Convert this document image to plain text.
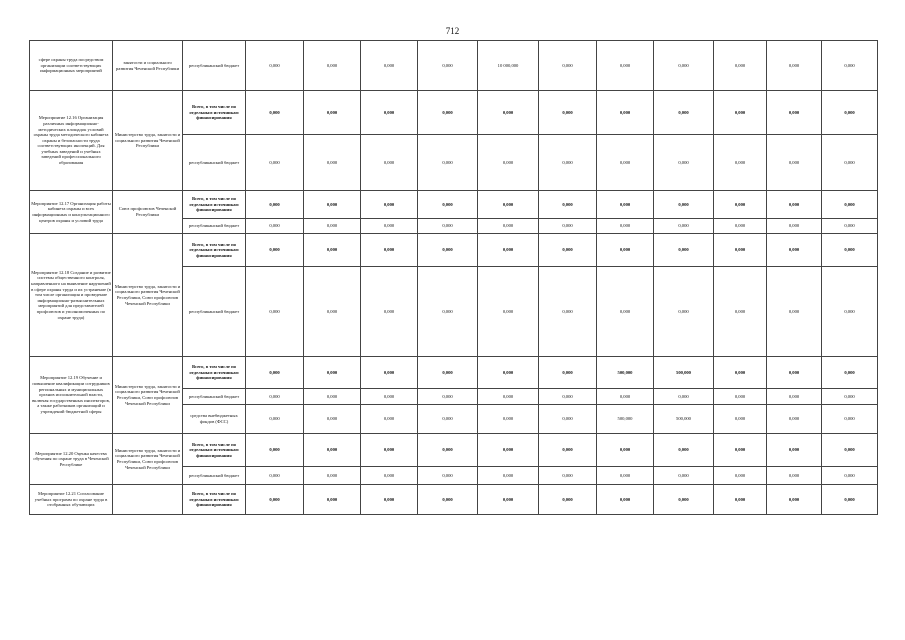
712
сфере охраны труда посредством организации соответствующих информационных мероприятий	занятости и социального развития Чеченской Республики	республиканский бюджет	0,000	0,000	0,000	0,000	10 000,000	0,000	0,000	0,000	0,000	0,000	0,000
Мероприятие 12.16 Организация различных информационно-методических площадок условий охраны труда методического кабинета охраны и безопасности труда соответствующих инспекций. Для учебных заведений и учебных заведений профессионального образования	Министерство труда, занятости и социального развития Чеченской Республики	Всего, в том числе по отдельным источникам финансирования	0,000	0,000	0,000	0,000	0,000	0,000	0,000	0,000	0,000	0,000	0,000
		республиканский бюджет	0,000	0,000	0,000	0,000	0,000	0,000	0,000	0,000	0,000	0,000	0,000
Мероприятие 12.17 Организация работы кабинета охраны и всех информационных и консультационного центров охраны и условий труда	Союз профсоюзов Чеченской Республики	Всего, в том числе по отдельным источникам финансирования	0,000	0,000	0,000	0,000	0,000	0,000	0,000	0,000	0,000	0,000	0,000
		республиканский бюджет	0,000	0,000	0,000	0,000	0,000	0,000	0,000	0,000	0,000	0,000	0,000
Мероприятие 12.18 Создание и развитие системы общественного контроля, направленного на выявление нарушений в сфере охраны труда и их устранение (в том числе организация и проведение информационно-разъяснительных мероприятий для представителей профсоюзов и уполномоченных по охране труда)	Министерство труда, занятости и социального развития Чеченской Республики, Союз профсоюзов Чеченской Республики	Всего, в том числе по отдельным источникам финансирования	0,000	0,000	0,000	0,000	0,000	0,000	0,000	0,000	0,000	0,000	0,000
		республиканский бюджет	0,000	0,000	0,000	0,000	0,000	0,000	0,000	0,000	0,000	0,000	0,000
Мероприятие 12.19 Обучение и повышение квалификации сотрудников региональных и муниципальных органов исполнительной власти, включая государственных инспекторов, а также работников организаций и учреждений бюджетной сферы	Министерство труда, занятости и социального развития Чеченской Республики, Союз профсоюзов Чеченской Республики	Всего, в том числе по отдельным источникам финансирования	0,000	0,000	0,000	0,000	0,000	0,000	500,000	500,000	0,000	0,000	0,000
		республиканский бюджет	0,000	0,000	0,000	0,000	0,000	0,000	0,000	0,000	0,000	0,000	0,000
		средства внебюджетных фондов (ФСС)	0,000	0,000	0,000	0,000	0,000	0,000	500,000	500,000	0,000	0,000	0,000
Мероприятие 12.20 Оценка качества обучения по охране труда в Чеченской Республике	Министерство труда, занятости и социального развития Чеченской Республики, Союз профсоюзов Чеченской Республики	Всего, в том числе по отдельным источникам финансирования	0,000	0,000	0,000	0,000	0,000	0,000	0,000	0,000	0,000	0,000	0,000
		республиканский бюджет	0,000	0,000	0,000	0,000	0,000	0,000	0,000	0,000	0,000	0,000	0,000
Мероприятие 12.21 Согласование учебных программ по охране труда в отобранных обучающих		Всего, в том числе по отдельным источникам финансирования	0,000	0,000	0,000	0,000	0,000	0,000	0,000	0,000	0,000	0,000	0,000
